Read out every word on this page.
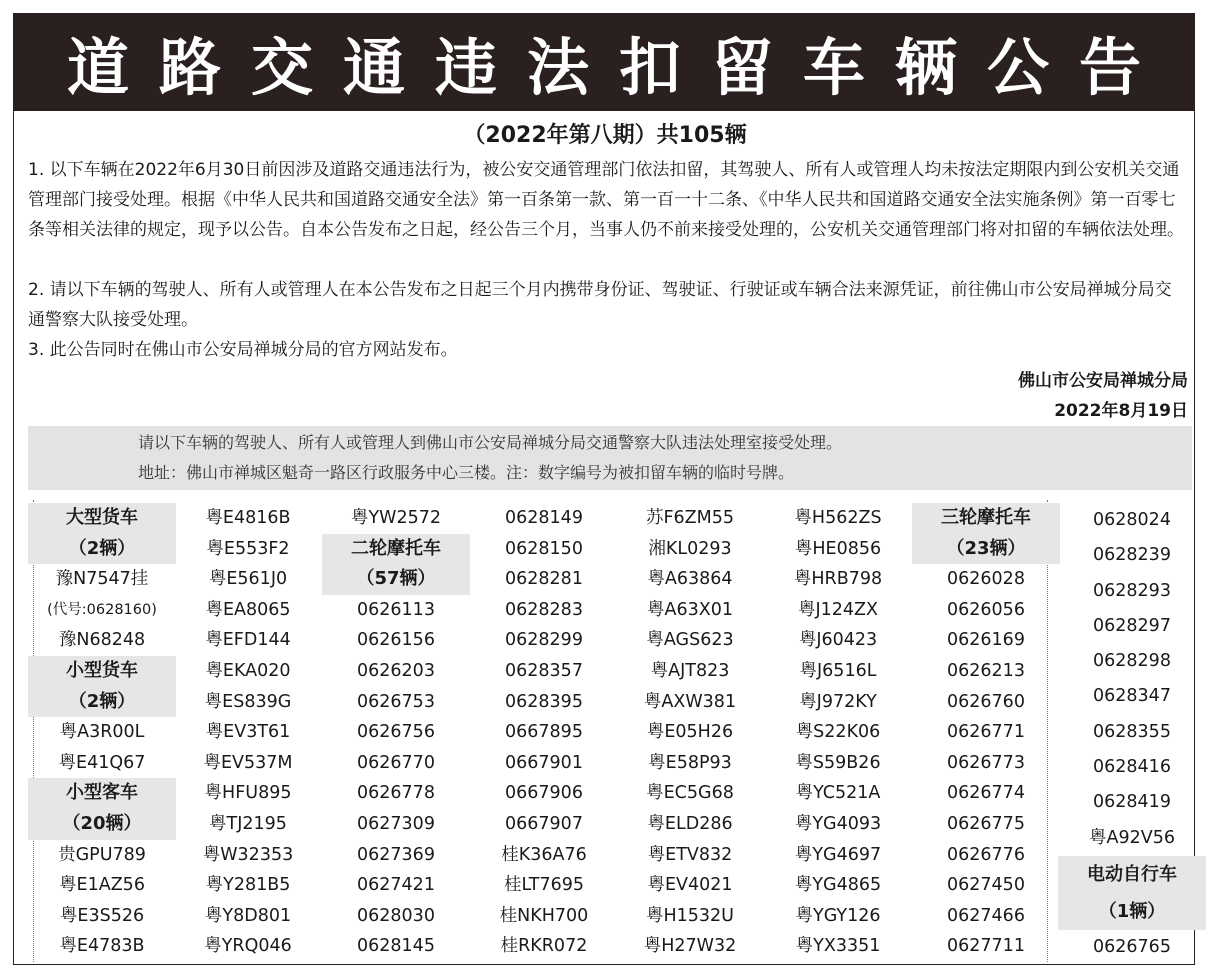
道路交通违法扣留车辆公告
（2022年第八期）共105辆
1. 以下车辆在2022年6月30日前因涉及道路交通违法行为，被公安交通管理部门依法扣留，其驾驶人、所有人或管理人均未按法定期限内到公安机关交通管理部门接受处理。根据《中华人民共和国道路交通安全法》第一百条第一款、第一百一十二条、《中华人民共和国道路交通安全法实施条例》第一百零七条等相关法律的规定，现予以公告。自本公告发布之日起，经公告三个月，当事人仍不前来接受处理的，公安机关交通管理部门将对扣留的车辆依法处理。
2. 请以下车辆的驾驶人、所有人或管理人在本公告发布之日起三个月内携带身份证、驾驶证、行驶证或车辆合法来源凭证，前往佛山市公安局禅城分局交通警察大队接受处理。
3. 此公告同时在佛山市公安局禅城分局的官方网站发布。
佛山市公安局禅城分局
2022年8月19日
请以下车辆的驾驶人、所有人或管理人到佛山市公安局禅城分局交通警察大队违法处理室接受处理。
地址：佛山市禅城区魁奇一路区行政服务中心三楼。注：数字编号为被扣留车辆的临时号牌。
大型货车
（2辆）
豫N7547挂
(代号:0628160)
豫N68248
小型货车
（2辆）
粤A3R00L
粤E41Q67
小型客车
（20辆）
贵GPU789
粤E1AZ56
粤E3S526
粤E4783B
粤E4816B
粤E553F2
粤E561J0
粤EA8065
粤EFD144
粤EKA020
粤ES839G
粤EV3T61
粤EV537M
粤HFU895
粤TJ2195
粤W32353
粤Y281B5
粤Y8D801
粤YRQ046
粤YW2572
二轮摩托车
（57辆）
0626113
0626156
0626203
0626753
0626756
0626770
0626778
0627309
0627369
0627421
0628030
0628145
0628149
0628150
0628281
0628283
0628299
0628357
0628395
0667895
0667901
0667906
0667907
桂K36A76
桂LT7695
桂NKH700
桂RKR072
苏F6ZM55
湘KL0293
粤A63864
粤A63X01
粤AGS623
粤AJT823
粤AXW381
粤E05H26
粤E58P93
粤EC5G68
粤ELD286
粤ETV832
粤EV4021
粤H1532U
粤H27W32
粤H562ZS
粤HE0856
粤HRB798
粤J124ZX
粤J60423
粤J6516L
粤J972KY
粤S22K06
粤S59B26
粤YC521A
粤YG4093
粤YG4697
粤YG4865
粤YGY126
粤YX3351
三轮摩托车
（23辆）
0626028
0626056
0626169
0626213
0626760
0626771
0626773
0626774
0626775
0626776
0627450
0627466
0627711
0628024
0628239
0628293
0628297
0628298
0628347
0628355
0628416
0628419
粤A92V56
电动自行车
（1辆）
0626765
